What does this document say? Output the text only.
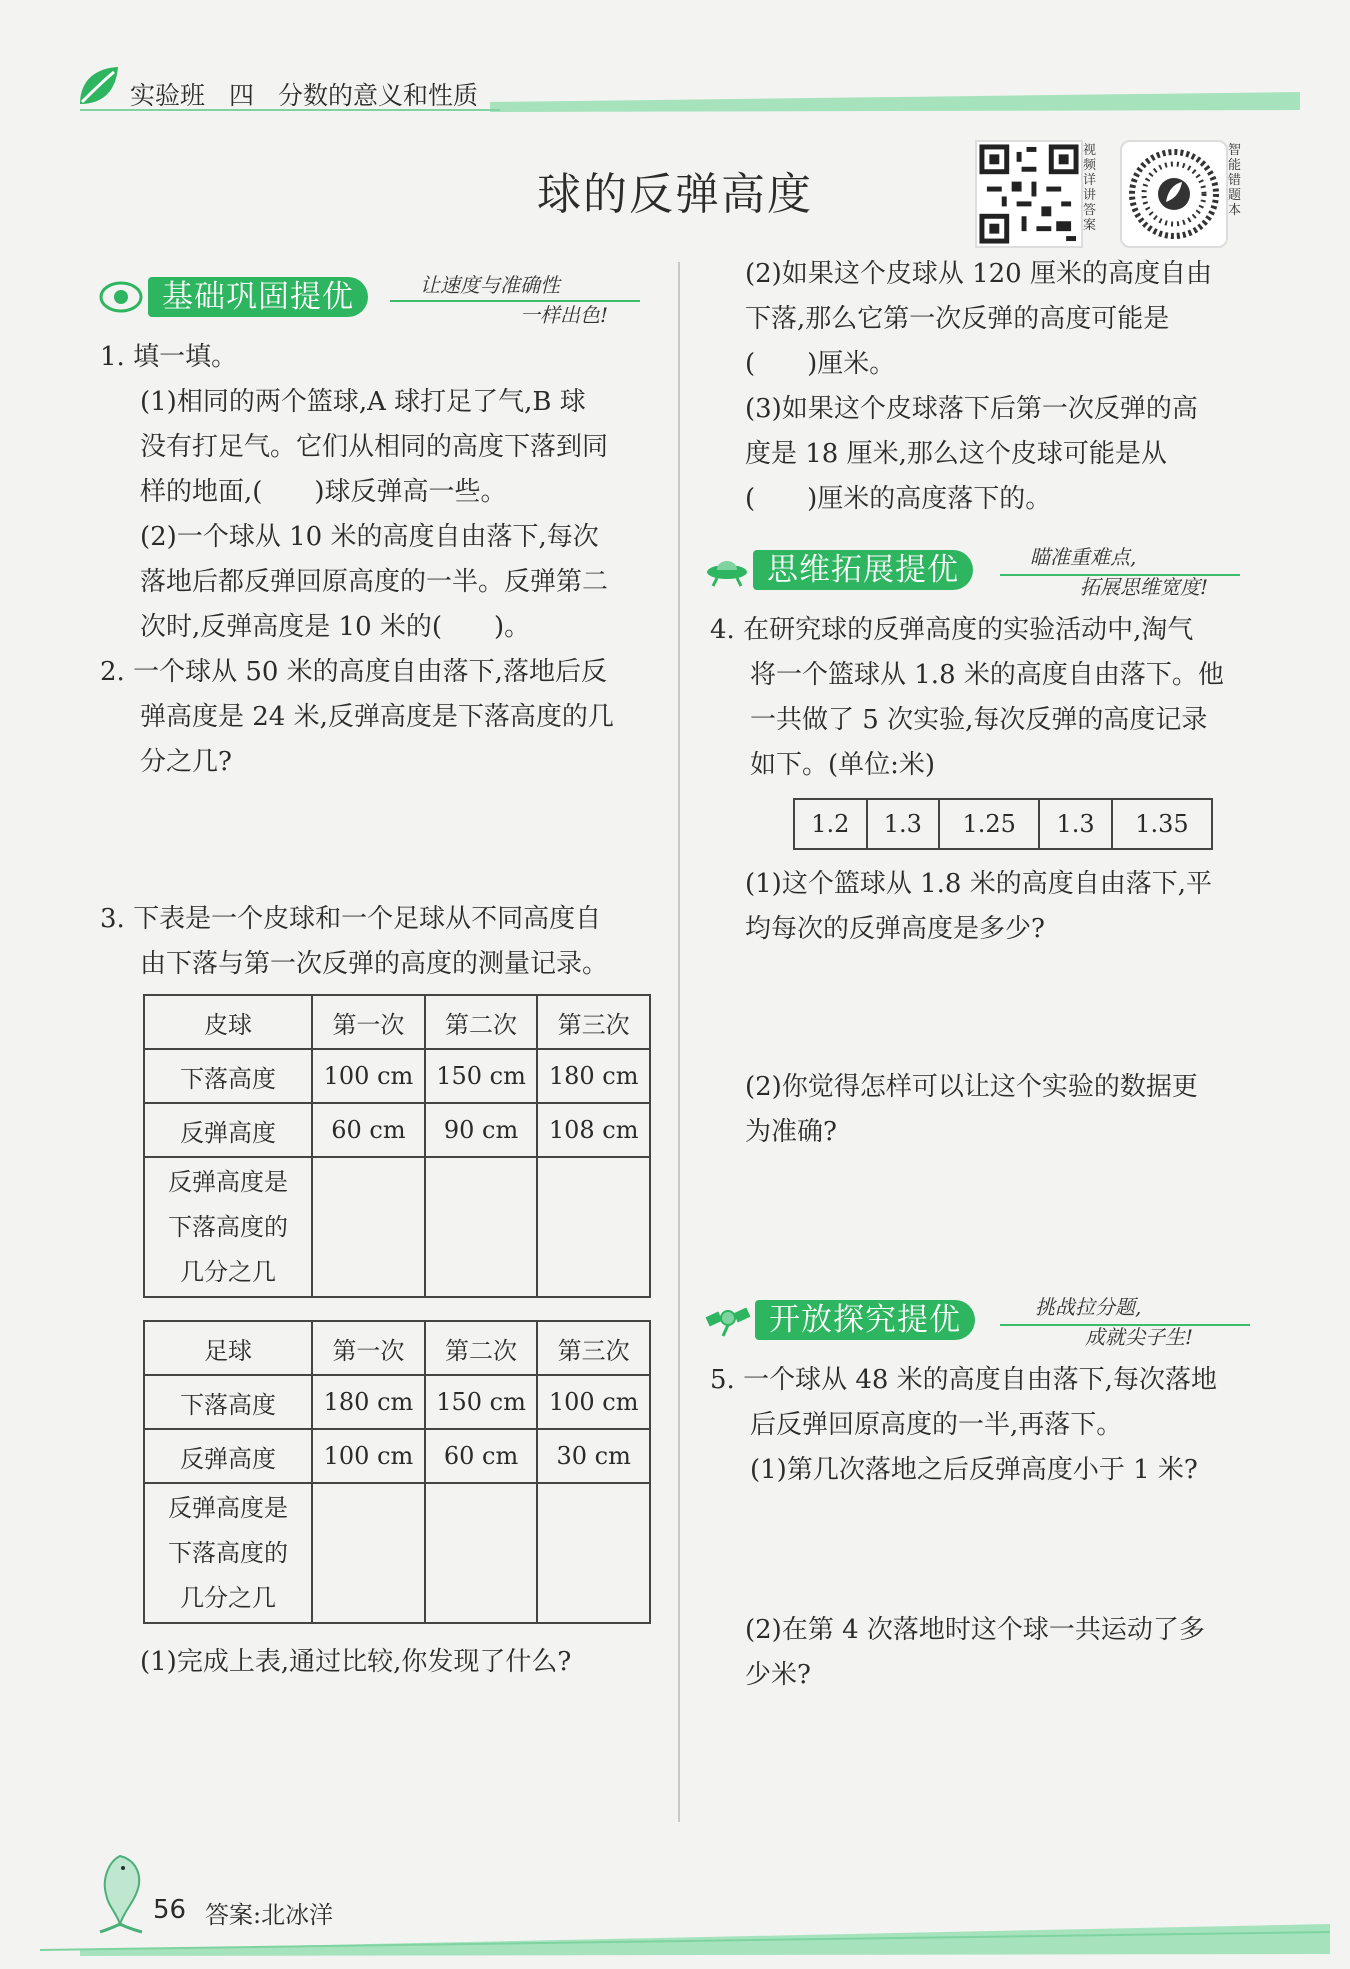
实验班 四 分数的意义和性质
球的反弹高度
视频详讲答案
智能错题本
基础巩固提优	让速度与准确性
一样出色!
1. 填一填。
(1)相同的两个篮球,A 球打足了气,B 球
没有打足气。它们从相同的高度下落到同
样的地面,(　　)球反弹高一些。
(2)一个球从 10 米的高度自由落下,每次
落地后都反弹回原高度的一半。反弹第二
次时,反弹高度是 10 米的(　　)。
2. 一个球从 50 米的高度自由落下,落地后反
弹高度是 24 米,反弹高度是下落高度的几
分之几?
3. 下表是一个皮球和一个足球从不同高度自
由下落与第一次反弹的高度的测量记录。
皮球	第一次	第二次	第三次
下落高度	100 cm	150 cm	180 cm
反弹高度	60 cm	90 cm	108 cm

反弹高度是
下落高度的
几分之几			

足球	第一次	第二次	第三次
下落高度	180 cm	150 cm	100 cm
反弹高度	100 cm	60 cm	30 cm

反弹高度是
下落高度的
几分之几			

(1)完成上表,通过比较,你发现了什么?
(2)如果这个皮球从 120 厘米的高度自由
下落,那么它第一次反弹的高度可能是
(　　)厘米。
(3)如果这个皮球落下后第一次反弹的高
度是 18 厘米,那么这个皮球可能是从
(　　)厘米的高度落下的。
思维拓展提优	瞄准重难点,
拓展思维宽度!
4. 在研究球的反弹高度的实验活动中,淘气
将一个篮球从 1.8 米的高度自由落下。他
一共做了 5 次实验,每次反弹的高度记录
如下。(单位:米)
1.2	1.3	1.25	1.3	1.35
(1)这个篮球从 1.8 米的高度自由落下,平
均每次的反弹高度是多少?
(2)你觉得怎样可以让这个实验的数据更
为准确?
开放探究提优	挑战拉分题,
成就尖子生!
5. 一个球从 48 米的高度自由落下,每次落地
后反弹回原高度的一半,再落下。
(1)第几次落地之后反弹高度小于 1 米?
(2)在第 4 次落地时这个球一共运动了多
少米?
56 答案:北冰洋
